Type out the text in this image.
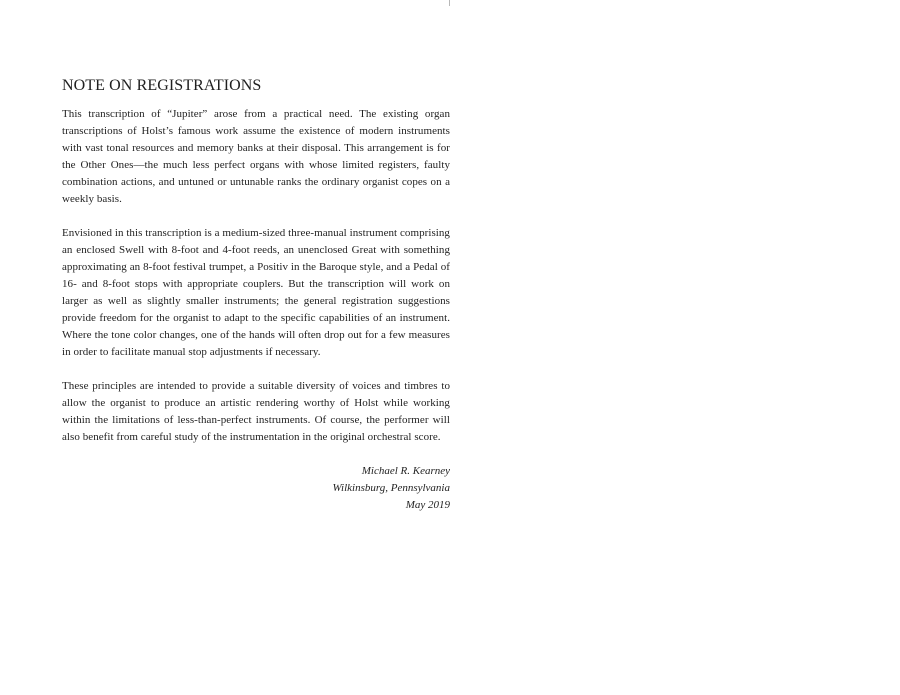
NOTE ON REGISTRATIONS

This transcription of “Jupiter” arose from a practical need. The existing organ transcriptions of Holst’s famous work assume the existence of modern instruments with vast tonal resources and memory banks at their disposal. This arrangement is for the Other Ones—the much less perfect organs with whose limited registers, faulty combination actions, and untuned or untunable ranks the ordinary organist copes on a weekly basis.

Envisioned in this transcription is a medium-sized three-manual instrument comprising an enclosed Swell with 8-foot and 4-foot reeds, an unenclosed Great with something approximating an 8-foot festival trumpet, a Positiv in the Baroque style, and a Pedal of 16- and 8-foot stops with appropriate couplers. But the transcription will work on larger as well as slightly smaller instruments; the general registration suggestions provide freedom for the organist to adapt to the specific capabilities of an instrument. Where the tone color changes, one of the hands will often drop out for a few measures in order to facilitate manual stop adjustments if necessary.

These principles are intended to provide a suitable diversity of voices and timbres to allow the organist to produce an artistic rendering worthy of Holst while working within the limitations of less-than-perfect instruments. Of course, the performer will also benefit from careful study of the instrumentation in the original orchestral score.

Michael R. Kearney
Wilkinsburg, Pennsylvania
May 2019
